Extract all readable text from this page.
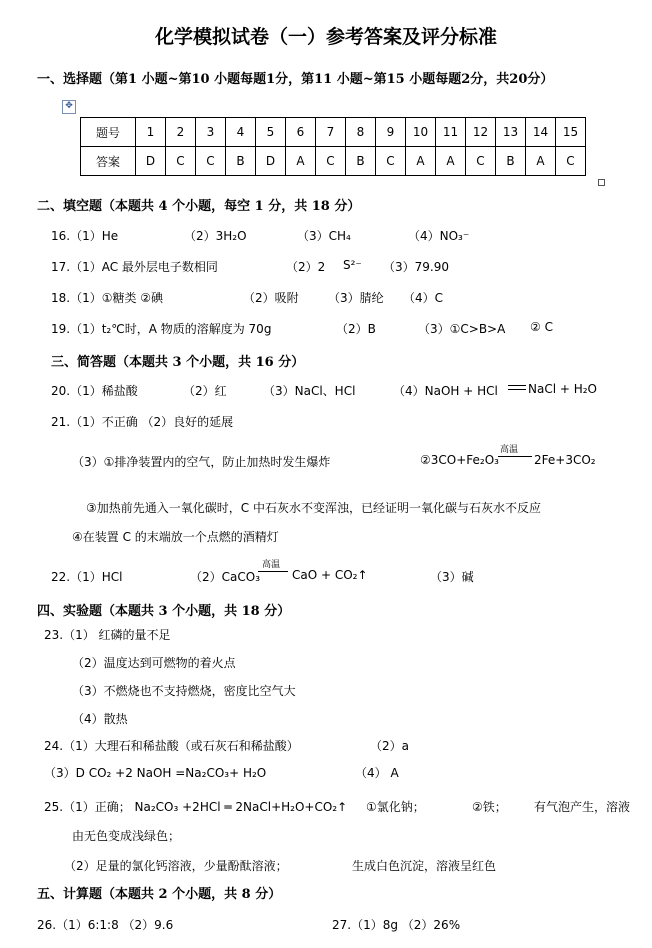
化学模拟试卷（一）参考答案及评分标准
一、选择题（第1 小题~第10 小题每题1分，第11 小题~第15 小题每题2分，共20分）
✥
题号	1	2	3	4	5	6	7	8	9	10	11	12	13	14	15
答案	D	C	C	B	D	A	C	B	C	A	A	C	B	A	C
二、填空题（本题共 4 个小题，每空 1 分，共 18 分）
16.（1）He	（2）3H₂O	（3）CH₄	（4）NO₃⁻
17.（1）AC 最外层电子数相同	（2）2 S²⁻ （3）79.90
18.（1）①糖类 ②碘	（2）吸附 （3）腈纶 （4）C
19.（1）t₂℃时，A 物质的溶解度为 70g	（2）B	（3）①C>B>A ② C
三、简答题（本题共 3 个小题，共 16 分）
20.（1）稀盐酸	（2）红	（3）NaCl、HCl	（4）NaOH + HCl	NaCl + H₂O
21.（1）不正确 （2）良好的延展
（3）①排净装置内的空气，防止加热时发生爆炸	②3CO+Fe₂O₃
高温
2Fe+3CO₂
③加热前先通入一氧化碳时，C 中石灰水不变浑浊，已经证明一氧化碳与石灰水不反应
④在装置 C 的末端放一个点燃的酒精灯
22.（1）HCl	（2）CaCO₃
高温
CaO + CO₂↑	（3）碱
四、实验题（本题共 3 个小题，共 18 分）
23.（1） 红磷的量不足
（2）温度达到可燃物的着火点
（3）不燃烧也不支持燃烧，密度比空气大
（4）散热
24.（1）大理石和稀盐酸（或石灰石和稀盐酸）	（2）a
（3）D CO₂ +2 NaOH =Na₂CO₃+ H₂O	（4） A
25.（1）正确； Na₂CO₃ +2HCl ═ 2NaCl+H₂O+CO₂↑ ①氯化钠；	②铁； 有气泡产生，溶液
由无色变成浅绿色；
（2）足量的氯化钙溶液，少量酚酞溶液；	生成白色沉淀，溶液呈红色
五、计算题（本题共 2 个小题，共 8 分）
26.（1）6:1:8 （2）9.6	27.（1）8g （2）26%
